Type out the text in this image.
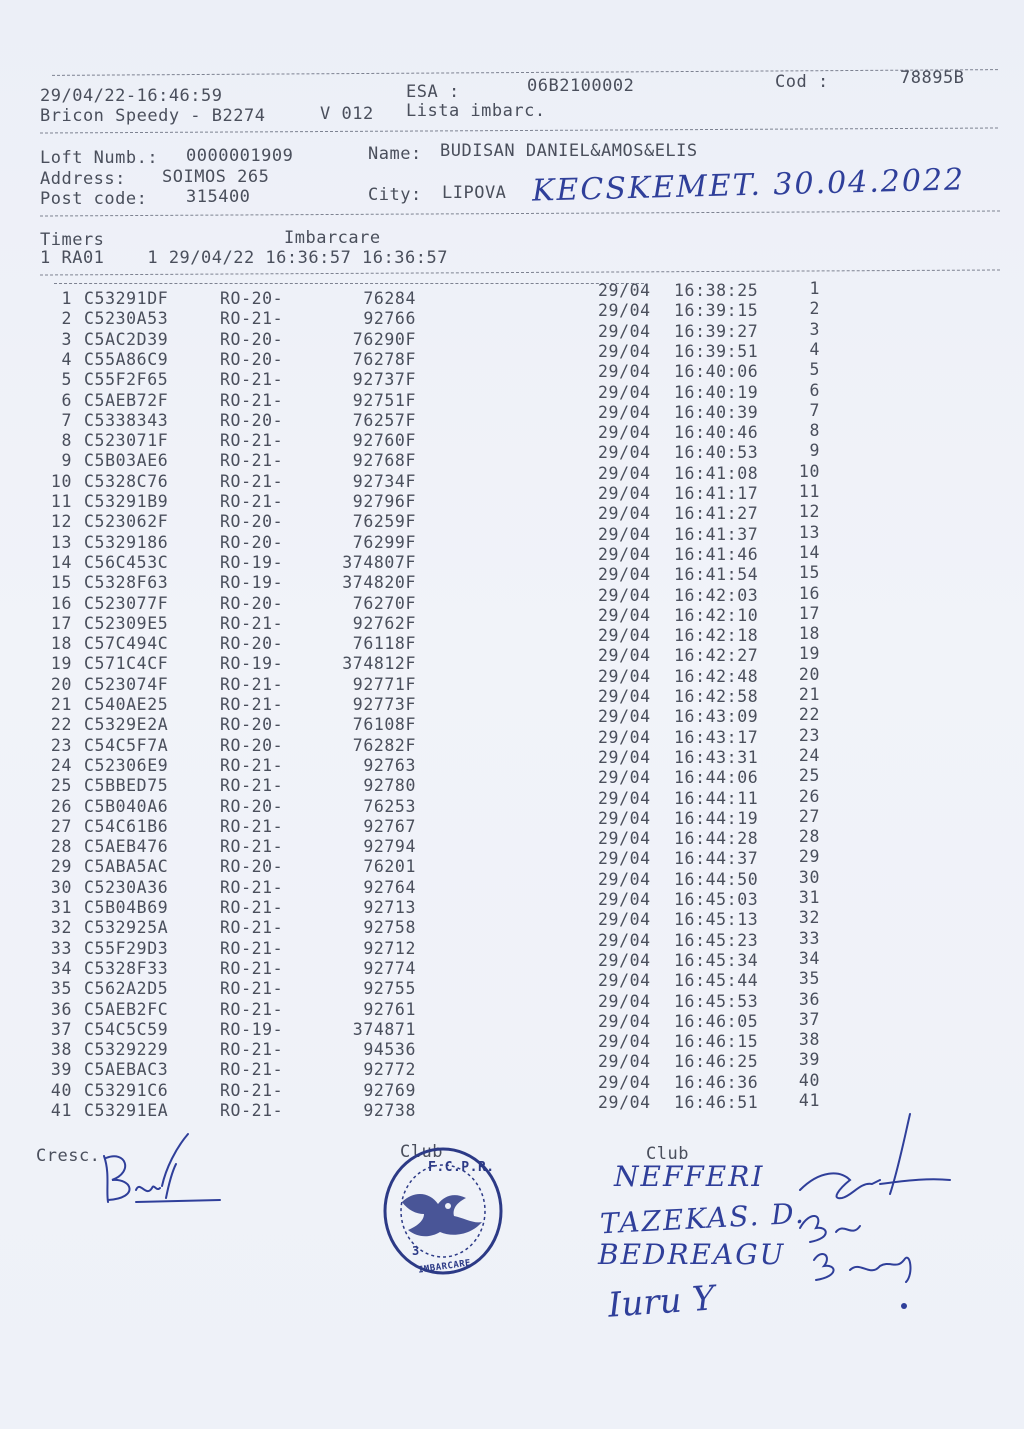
29/04/22-16:46:59	ESA :	06B2100002	Cod :	78895B
Bricon Speedy - B2274	V 012 Lista imbarc.
Loft Numb.: 0000001909	Name: BUDISAN DANIEL&AMOS&ELIS
Address: SOIMOS 265
Post code: 315400	City: LIPOVA KECSKEMET. 30.04.2022
Timers	Imbarcare
1 RA01    1 29/04/22 16:36:57 16:36:57
1 C53291DF	RO-20-	76284	29/04 16:38:25	1
2 C5230A53	RO-21-	92766	29/04 16:39:15	2
3 C5AC2D39	RO-20-	76290F	29/04 16:39:27	3
4 C55A86C9	RO-20-	76278F	29/04 16:39:51	4
5 C55F2F65	RO-21-	92737F	29/04 16:40:06	5
6 C5AEB72F	RO-21-	92751F	29/04 16:40:19	6
7 C5338343	RO-20-	76257F	29/04 16:40:39	7
8 C523071F	RO-21-	92760F	29/04 16:40:46	8
9 C5B03AE6	RO-21-	92768F	29/04 16:40:53	9
10 C5328C76	RO-21-	92734F	29/04 16:41:08	10
11 C53291B9	RO-21-	92796F	29/04 16:41:17	11
12 C523062F	RO-20-	76259F	29/04 16:41:27	12
13 C5329186	RO-20-	76299F	29/04 16:41:37	13
14 C56C453C	RO-19-	374807F	29/04 16:41:46	14
15 C5328F63	RO-19-	374820F	29/04 16:41:54	15
16 C523077F	RO-20-	76270F	29/04 16:42:03	16
17 C52309E5	RO-21-	92762F	29/04 16:42:10	17
18 C57C494C	RO-20-	76118F	29/04 16:42:18	18
19 C571C4CF	RO-19-	374812F	29/04 16:42:27	19
20 C523074F	RO-21-	92771F	29/04 16:42:48	20
21 C540AE25	RO-21-	92773F	29/04 16:42:58	21
22 C5329E2A	RO-20-	76108F	29/04 16:43:09	22
23 C54C5F7A	RO-20-	76282F	29/04 16:43:17	23
24 C52306E9	RO-21-	92763	29/04 16:43:31	24
25 C5BBED75	RO-21-	92780	29/04 16:44:06	25
26 C5B040A6	RO-20-	76253	29/04 16:44:11	26
27 C54C61B6	RO-21-	92767	29/04 16:44:19	27
28 C5AEB476	RO-21-	92794	29/04 16:44:28	28
29 C5ABA5AC	RO-20-	76201	29/04 16:44:37	29
30 C5230A36	RO-21-	92764	29/04 16:44:50	30
31 C5B04B69	RO-21-	92713	29/04 16:45:03	31
32 C532925A	RO-21-	92758	29/04 16:45:13	32
33 C55F29D3	RO-21-	92712	29/04 16:45:23	33
34 C5328F33	RO-21-	92774	29/04 16:45:34	34
35 C562A2D5	RO-21-	92755	29/04 16:45:44	35
36 C5AEB2FC	RO-21-	92761	29/04 16:45:53	36
37 C54C5C59	RO-19-	374871	29/04 16:46:05	37
38 C5329229	RO-21-	94536	29/04 16:46:15	38
39 C5AEBAC3	RO-21-	92772	29/04 16:46:25	39
40 C53291C6	RO-21-	92769	29/04 16:46:36	40
41 C53291EA	RO-21-	92738	29/04 16:46:51	41
Cresc.	Club
F.C.P.R.
3
IMBARCARE
Club
NEFFERI
TAZEKAS. D.
BEDREAGU
Iuru Y
